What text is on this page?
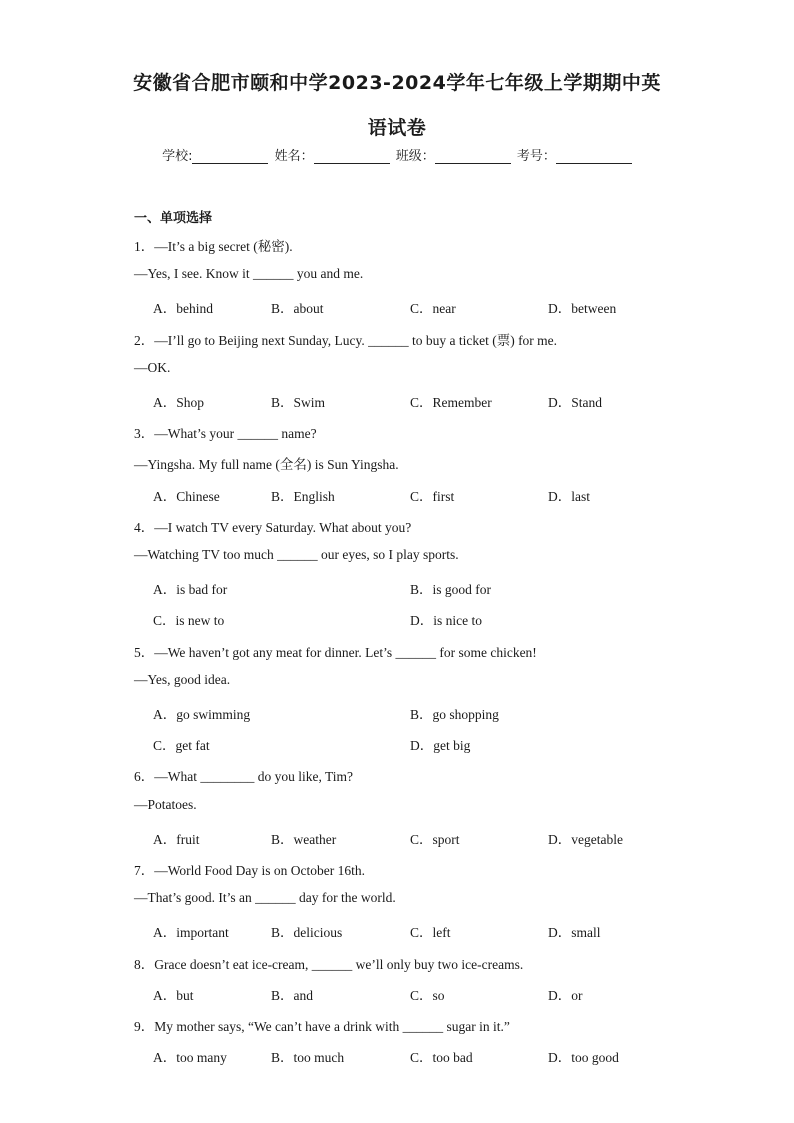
安徽省合肥市颐和中学2023-2024学年七年级上学期期中英
语试卷
学校:	姓名：	班级：	考号：
一、单项选择
1．—It’s a big secret (秘密).
—Yes, I see. Know it ______ you and me.
A．behind	B．about	C．near	D．between
2．—I’ll go to Beijing next Sunday, Lucy. ______ to buy a ticket (票) for me.
—OK.
A．Shop	B．Swim	C．Remember	D．Stand
3．—What’s your ______ name?
—Yingsha. My full name (全名) is Sun Yingsha.
A．Chinese	B．English	C．first	D．last
4．—I watch TV every Saturday. What about you?
—Watching TV too much ______ our eyes, so I play sports.
A．is bad for	B．is good for
C．is new to	D．is nice to
5．—We haven’t got any meat for dinner. Let’s ______ for some chicken!
—Yes, good idea.
A．go swimming	B．go shopping
C．get fat	D．get big
6．—What ________ do you like, Tim?
—Potatoes.
A．fruit	B．weather	C．sport	D．vegetable
7．—World Food Day is on October 16th.
—That’s good. It’s an ______ day for the world.
A．important	B．delicious	C．left	D．small
8．Grace doesn’t eat ice-cream, ______ we’ll only buy two ice-creams.
A．but	B．and	C．so	D．or
9．My mother says, “We can’t have a drink with ______ sugar in it.”
A．too many	B．too much	C．too bad	D．too good
